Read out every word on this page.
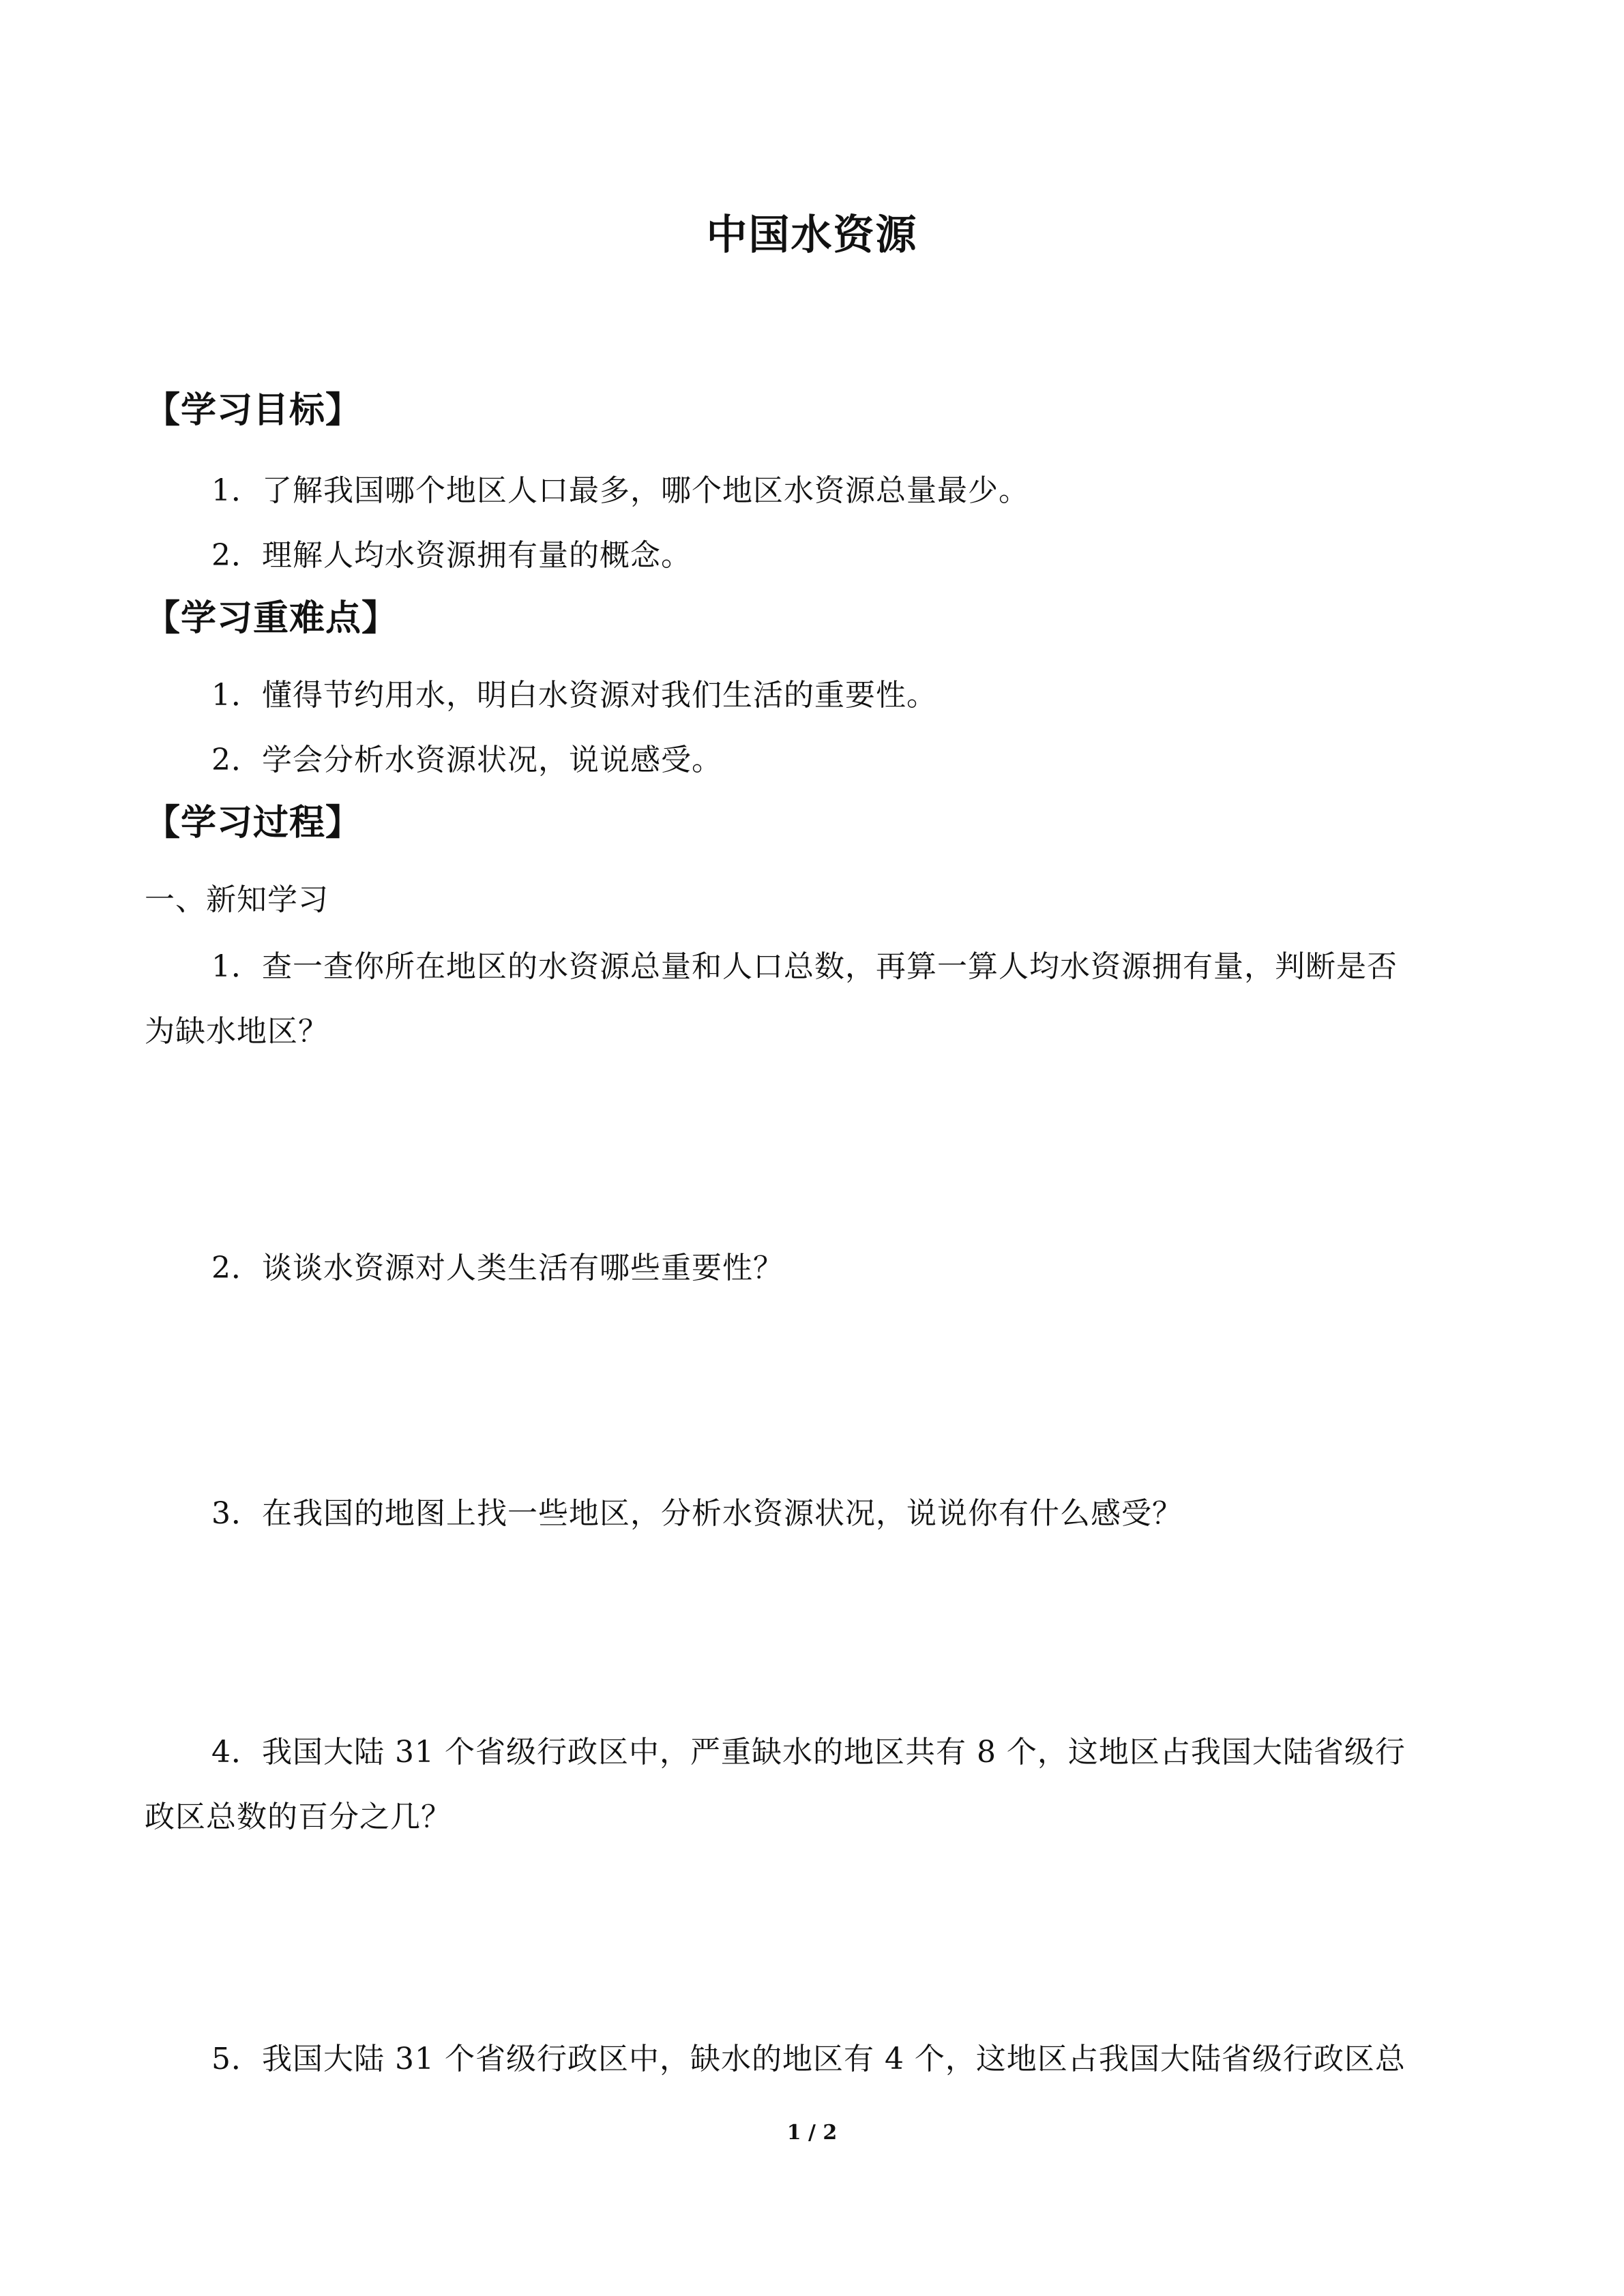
中国水资源
【学习目标】
1．了解我国哪个地区人口最多，哪个地区水资源总量最少。
2．理解人均水资源拥有量的概念。
【学习重难点】
1．懂得节约用水，明白水资源对我们生活的重要性。
2．学会分析水资源状况，说说感受。
【学习过程】
一、新知学习
1．查一查你所在地区的水资源总量和人口总数，再算一算人均水资源拥有量，判断是否
为缺水地区？
2．谈谈水资源对人类生活有哪些重要性？
3．在我国的地图上找一些地区，分析水资源状况，说说你有什么感受？
4．我国大陆 31 个省级行政区中，严重缺水的地区共有 8 个，这地区占我国大陆省级行
政区总数的百分之几？
5．我国大陆 31 个省级行政区中，缺水的地区有 4 个，这地区占我国大陆省级行政区总
1 / 2
